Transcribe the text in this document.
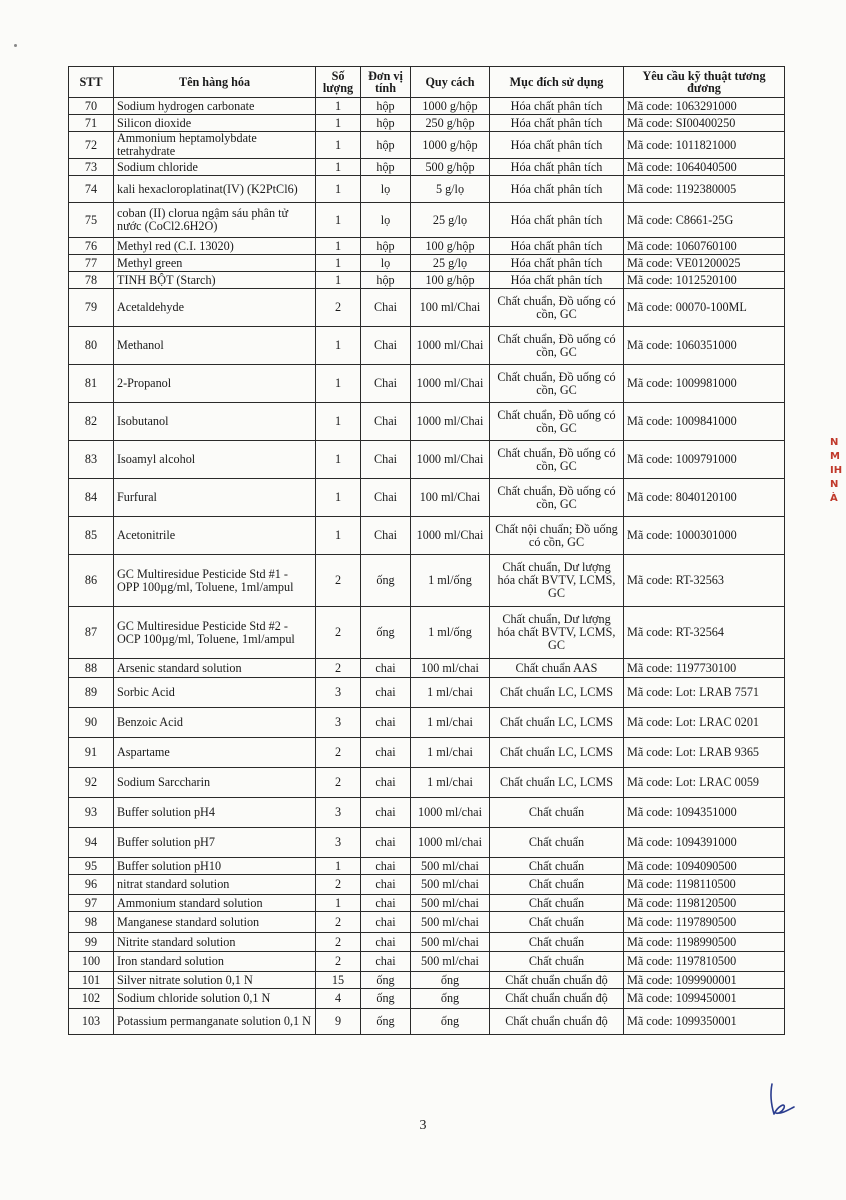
STT	Tên hàng hóa	Số lượng	Đơn vị tính	Quy cách	Mục đích sử dụng	Yêu cầu kỹ thuật tương đương
70	Sodium hydrogen carbonate	1	hộp	1000 g/hộp	Hóa chất phân tích	Mã code: 1063291000
71	Silicon dioxide	1	hộp	250 g/hộp	Hóa chất phân tích	Mã code: SI00400250
72	Ammonium heptamolybdate tetrahydrate	1	hộp	1000 g/hộp	Hóa chất phân tích	Mã code: 1011821000
73	Sodium chloride	1	hộp	500 g/hộp	Hóa chất phân tích	Mã code: 1064040500
74	kali hexacloroplatinat(IV) (K2PtCl6)	1	lọ	5 g/lọ	Hóa chất phân tích	Mã code: 1192380005
75	coban (II) clorua ngậm sáu phân tử nước (CoCl2.6H2O)	1	lọ	25 g/lọ	Hóa chất phân tích	Mã code: C8661-25G
76	Methyl red (C.I. 13020)	1	hộp	100 g/hộp	Hóa chất phân tích	Mã code: 1060760100
77	Methyl green	1	lọ	25 g/lọ	Hóa chất phân tích	Mã code: VE01200025
78	TINH BỘT (Starch)	1	hộp	100 g/hộp	Hóa chất phân tích	Mã code: 1012520100
79	Acetaldehyde	2	Chai	100 ml/Chai	Chất chuẩn, Đồ uống có cồn, GC	Mã code: 00070-100ML
80	Methanol	1	Chai	1000 ml/Chai	Chất chuẩn, Đồ uống có cồn, GC	Mã code: 1060351000
81	2-Propanol	1	Chai	1000 ml/Chai	Chất chuẩn, Đồ uống có cồn, GC	Mã code: 1009981000
82	Isobutanol	1	Chai	1000 ml/Chai	Chất chuẩn, Đồ uống có cồn, GC	Mã code: 1009841000
83	Isoamyl alcohol	1	Chai	1000 ml/Chai	Chất chuẩn, Đồ uống có cồn, GC	Mã code: 1009791000
84	Furfural	1	Chai	100 ml/Chai	Chất chuẩn, Đồ uống có cồn, GC	Mã code: 8040120100
85	Acetonitrile	1	Chai	1000 ml/Chai	Chất nội chuẩn; Đồ uống có cồn, GC	Mã code: 1000301000
86	GC Multiresidue Pesticide Std #1 - OPP 100µg/ml, Toluene, 1ml/ampul	2	ống	1 ml/ống	Chất chuẩn, Dư lượng hóa chất BVTV, LCMS, GC	Mã code: RT-32563
87	GC Multiresidue Pesticide Std #2 - OCP 100µg/ml, Toluene, 1ml/ampul	2	ống	1 ml/ống	Chất chuẩn, Dư lượng hóa chất BVTV, LCMS, GC	Mã code: RT-32564
88	Arsenic standard solution	2	chai	100 ml/chai	Chất chuẩn AAS	Mã code: 1197730100
89	Sorbic Acid	3	chai	1 ml/chai	Chất chuẩn LC, LCMS	Mã code: Lot: LRAB 7571
90	Benzoic Acid	3	chai	1 ml/chai	Chất chuẩn LC, LCMS	Mã code: Lot: LRAC 0201
91	Aspartame	2	chai	1 ml/chai	Chất chuẩn LC, LCMS	Mã code: Lot: LRAB 9365
92	Sodium Sarccharin	2	chai	1 ml/chai	Chất chuẩn LC, LCMS	Mã code: Lot: LRAC 0059
93	Buffer solution pH4	3	chai	1000 ml/chai	Chất chuẩn	Mã code: 1094351000
94	Buffer solution pH7	3	chai	1000 ml/chai	Chất chuẩn	Mã code: 1094391000
95	Buffer solution pH10	1	chai	500 ml/chai	Chất chuẩn	Mã code: 1094090500
96	nitrat standard solution	2	chai	500 ml/chai	Chất chuẩn	Mã code: 1198110500
97	Ammonium standard solution	1	chai	500 ml/chai	Chất chuẩn	Mã code: 1198120500
98	Manganese standard solution	2	chai	500 ml/chai	Chất chuẩn	Mã code: 1197890500
99	Nitrite standard solution	2	chai	500 ml/chai	Chất chuẩn	Mã code: 1198990500
100	Iron standard solution	2	chai	500 ml/chai	Chất chuẩn	Mã code: 1197810500
101	Silver nitrate solution 0,1 N	15	ống	ống	Chất chuẩn chuẩn độ	Mã code: 1099900001
102	Sodium chloride solution 0,1 N	4	ống	ống	Chất chuẩn chuẩn độ	Mã code: 1099450001
103	Potassium permanganate solution 0,1 N	9	ống	ống	Chất chuẩn chuẩn độ	Mã code: 1099350001
3
N
M
IH
N
À
